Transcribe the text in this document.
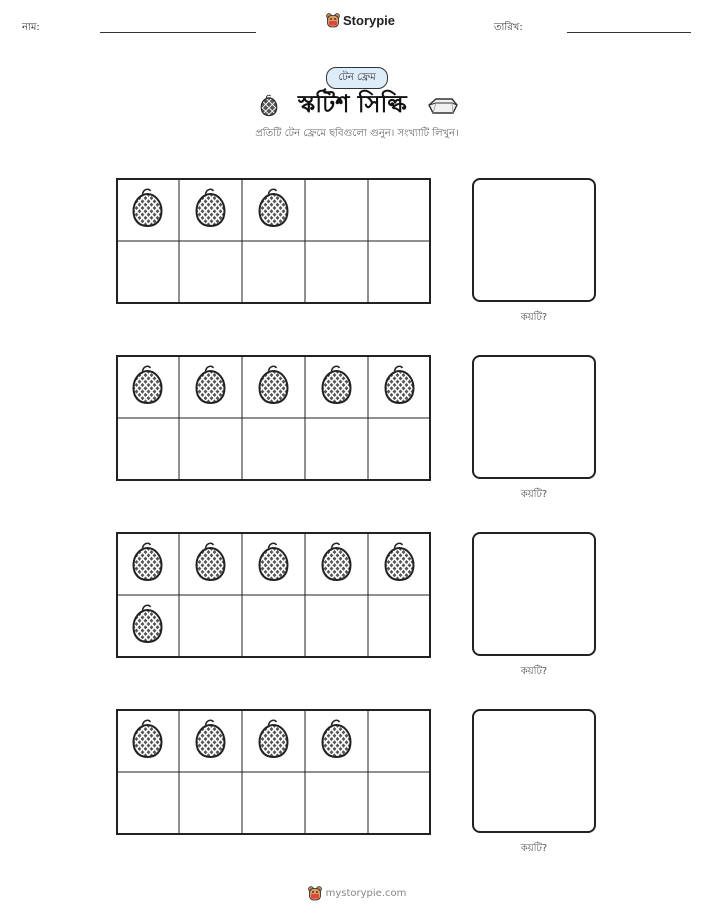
নাম:	Storypie	তারিখ:
টেন ফ্রেম
স্কটিশ সিল্কি
প্রতিটি টেন ফ্রেমে ছবিগুলো গুনুন। সংখ্যাটি লিখুন।
কয়টি?
কয়টি?
কয়টি?
কয়টি?
mystorypie.com
